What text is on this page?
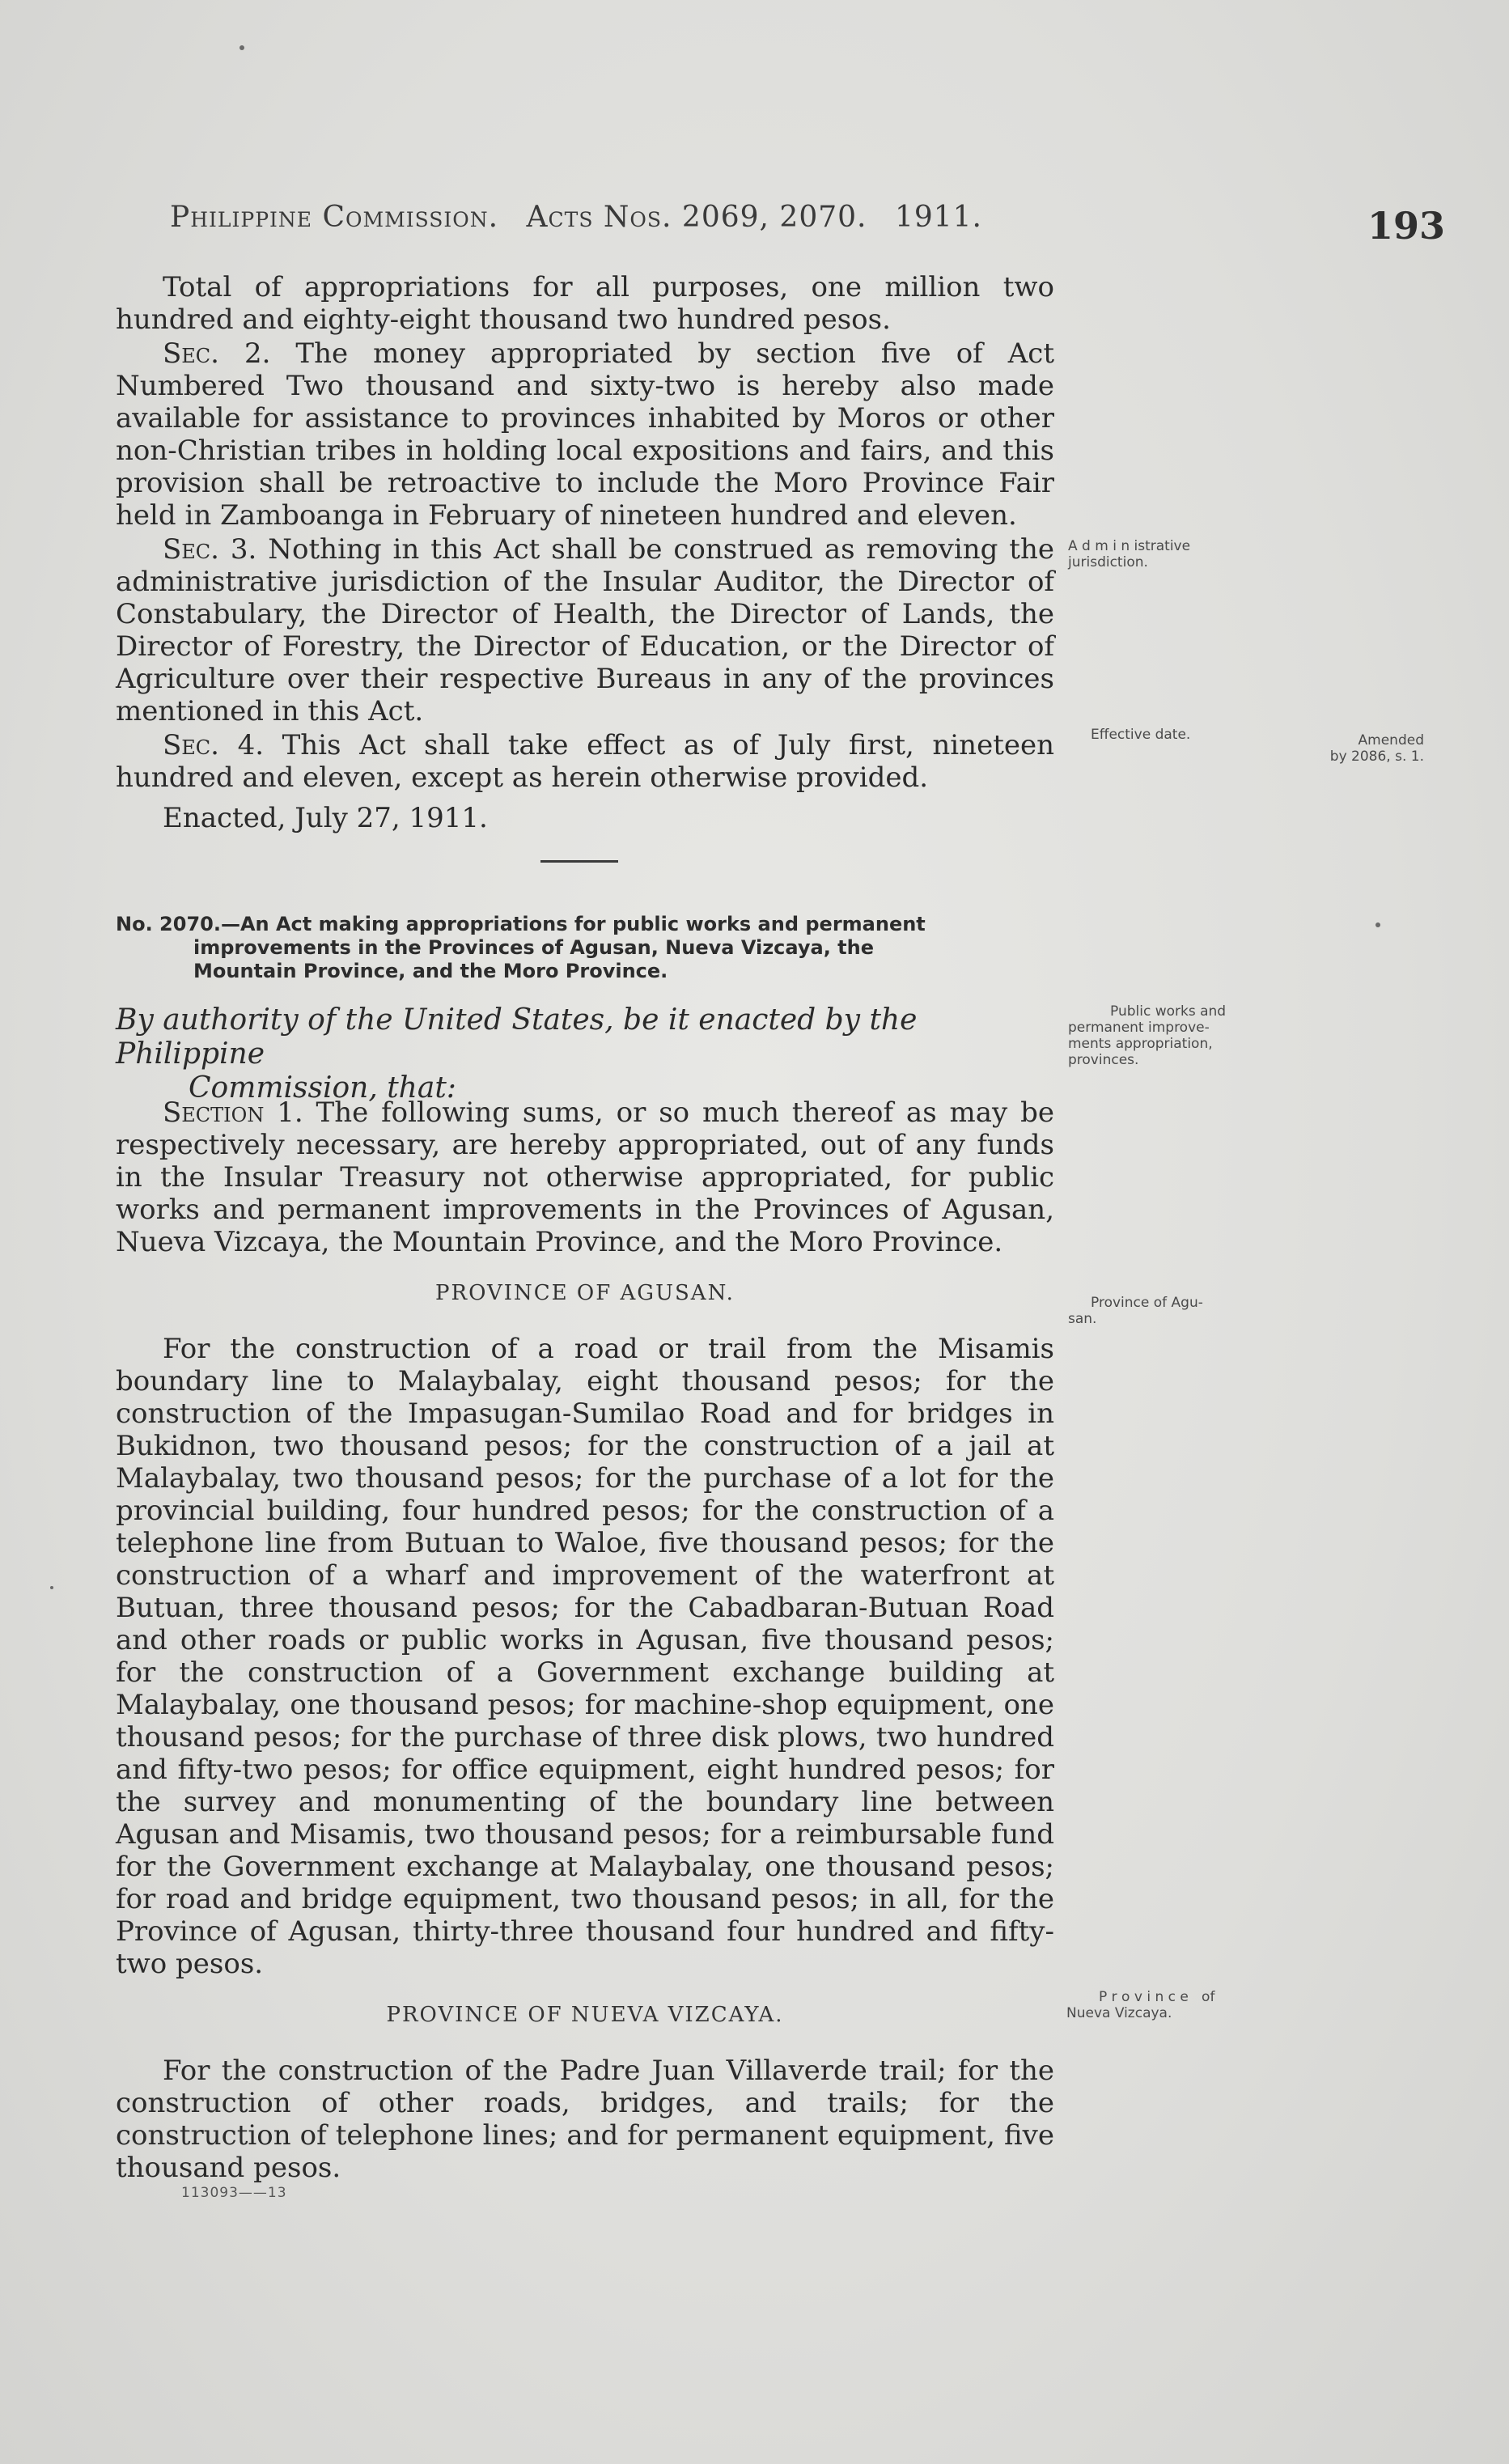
Philippine Commission. Acts Nos. 2069, 2070. 1911.	193

Total of appropriations for all purposes, one million two hundred and eighty-eight thousand two hundred pesos.

Sec. 2. The money appropriated by section five of Act Numbered Two thousand and sixty-two is hereby also made available for assistance to provinces inhabited by Moros or other non-Christian tribes in holding local expositions and fairs, and this provision shall be retroactive to include the Moro Province Fair held in Zamboanga in February of nineteen hundred and eleven.

Sec. 3. Nothing in this Act shall be construed as removing the administrative jurisdiction of the Insular Auditor, the Director of Constabulary, the Director of Health, the Director of Lands, the Director of Forestry, the Director of Education, or the Director of Agriculture over their respective Bureaus in any of the provinces mentioned in this Act.

Sec. 4. This Act shall take effect as of July first, nineteen hundred and eleven, except as herein otherwise provided.

Enacted, July 27, 1911.

No. 2070.—An Act making appropriations for public works and permanent
improvements in the Provinces of Agusan, Nueva Vizcaya, the
Mountain Province, and the Moro Province.
By authority of the United States, be it enacted by the Philippine
Commission, that:

Section 1. The following sums, or so much thereof as may be respectively necessary, are hereby appropriated, out of any funds in the Insular Treasury not otherwise appropriated, for public works and permanent improvements in the Provinces of Agusan, Nueva Vizcaya, the Mountain Province, and the Moro Province.

PROVINCE OF AGUSAN.

For the construction of a road or trail from the Misamis boundary line to Malaybalay, eight thousand pesos; for the construction of the Impasugan-Sumilao Road and for bridges in Bukidnon, two thousand pesos; for the construction of a jail at Malaybalay, two thousand pesos; for the purchase of a lot for the provincial building, four hundred pesos; for the construction of a telephone line from Butuan to Waloe, five thousand pesos; for the construction of a wharf and improvement of the waterfront at Butuan, three thousand pesos; for the Cabadbaran-Butuan Road and other roads or public works in Agusan, five thousand pesos; for the construction of a Government exchange building at Malaybalay, one thousand pesos; for machine-shop equipment, one thousand pesos; for the purchase of three disk plows, two hundred and fifty-two pesos; for office equipment, eight hundred pesos; for the survey and monumenting of the boundary line between Agusan and Misamis, two thousand pesos; for a reimbursable fund for the Government exchange at Malaybalay, one thousand pesos; for road and bridge equipment, two thousand pesos; in all, for the Province of Agusan, thirty-three thousand four hundred and fifty-two pesos.

PROVINCE OF NUEVA VIZCAYA.

For the construction of the Padre Juan Villaverde trail; for the construction of other roads, bridges, and trails; for the construction of telephone lines; and for permanent equipment, five thousand pesos.

A d m i n istrative
jurisdiction.
Effective date.	Amended
by 2086, s. 1.
Public works and
permanent improve-
ments appropriation,
provinces.
Province of Agu-
san.
P r o v i n c e   of
Nueva Vizcaya.
113093——13
